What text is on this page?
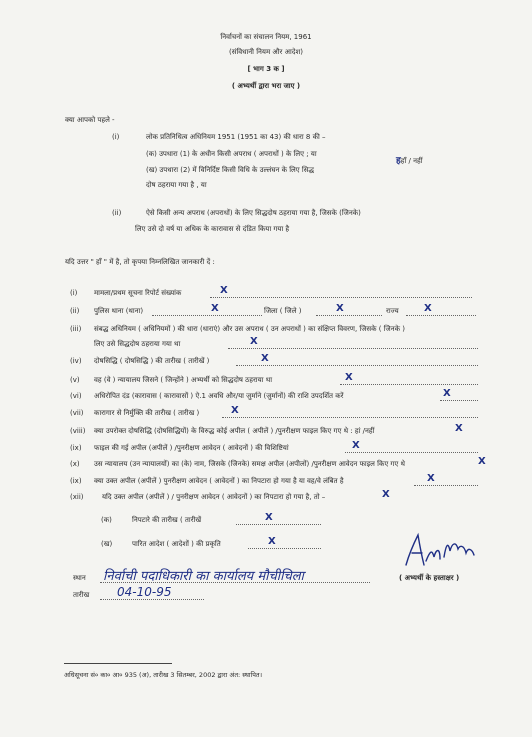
निर्वाचनों का संचालन नियम, 1961
(संविधानी नियम और आदेश)
[ भाग 3 क ]
( अभ्यर्थी द्वारा भरा जाए )
क्या आपको पहले -
(i)	लोक प्रतिनिधित्व अधिनियम 1951 (1951 का 43) की धारा 8 की –
(क) उपधारा (1) के अधीन किसी अपराध ( अपराधों ) के लिए ; या
(ख) उपधारा (2) में विनिर्दिष्ट किसी विधि के उल्लंघन के लिए सिद्ध
दोष ठहराया गया है , या
हहाँ / नहीं
(ii)	ऐसे किसी अन्य अपराध (अपराधों) के लिए सिद्धदोष ठहराया गया है, जिसके (जिनके)
लिए उसे दो वर्ष या अधिक के कारावास से दंडित किया गया है
यदि उत्तर " हाँ " में है, तो कृपया निम्नलिखित जानकारी दें :
(i) मामला/प्रथम सूचना रिपोर्ट संख्यांक	X
(ii) पुलिस थाना (थाना)	X	जिला ( जिले )	X	राज्य	X
(iii) संबद्ध अधिनियम ( अधिनियमों ) की धारा (धाराएं) और उस अपराध ( उन अपराधों ) का संक्षिप्त विवरण, जिसके ( जिनके )
लिए उसे सिद्धदोष ठहराया गया था	X
(iv) दोषसिद्धि ( दोषसिद्धि ) की तारीख ( तारीखें )	X
(v) वह (वे ) न्यायालय जिसने ( जिन्होंने ) अभ्यर्थी को सिद्धदोष ठहराया था	X
(vi) अधिरोपित दंड (कारावास ( कारावासों ) ऐ.1 अवधि और/या जुर्माने (जुर्मानों) की राशि उपदर्शित करें	X
(vii) कारागार से निर्मुक्ति की तारीख ( तारीख )	X
(viii) क्या उपरोक्त दोषसिद्धि (दोषसिद्धियों) के विरुद्ध कोई अपील ( अपीलें ) /पुनरीक्षण फाइल किए गए थे : हां /नहीं	X
(ix) फाइल की गई अपील (अपीलें ) /पुनरीक्षण आवेदन ( आवेदनों ) की विशिष्टियां	X
(x) उस न्यायालय (उन न्यायालयों) का (के) नाम, जिसके (जिनके) समक्ष अपील (अपीलों) /पुनरीक्षण आवेदन फाइल किए गए थे	X
(ix) क्या उक्त अपील (अपीलें ) पुनरीक्षण आवेदन ( आवेदनों ) का निपटारा हो गया है या वह/वे लंबित है	X
(xii)	यदि उक्त अपील (अपीलें ) / पुनरीक्षण आवेदन ( आवेदनों ) का निपटारा हो गया है, तो –	X
(क)	निपटारे की तारीख ( तारीखें	X
(ख)	पारित आदेश ( आदेशों ) की प्रकृति	X
स्थान निर्वाची पदाधिकारी का कार्यालय मौचीचिला
तारीख 04-10-95
( अभ्यर्थी के हस्ताक्षर )
अधिसूचना सं० का० आ० 935 (अ), तारीख 3 सितम्बर, 2002 द्वारा अंत: स्थापित।
